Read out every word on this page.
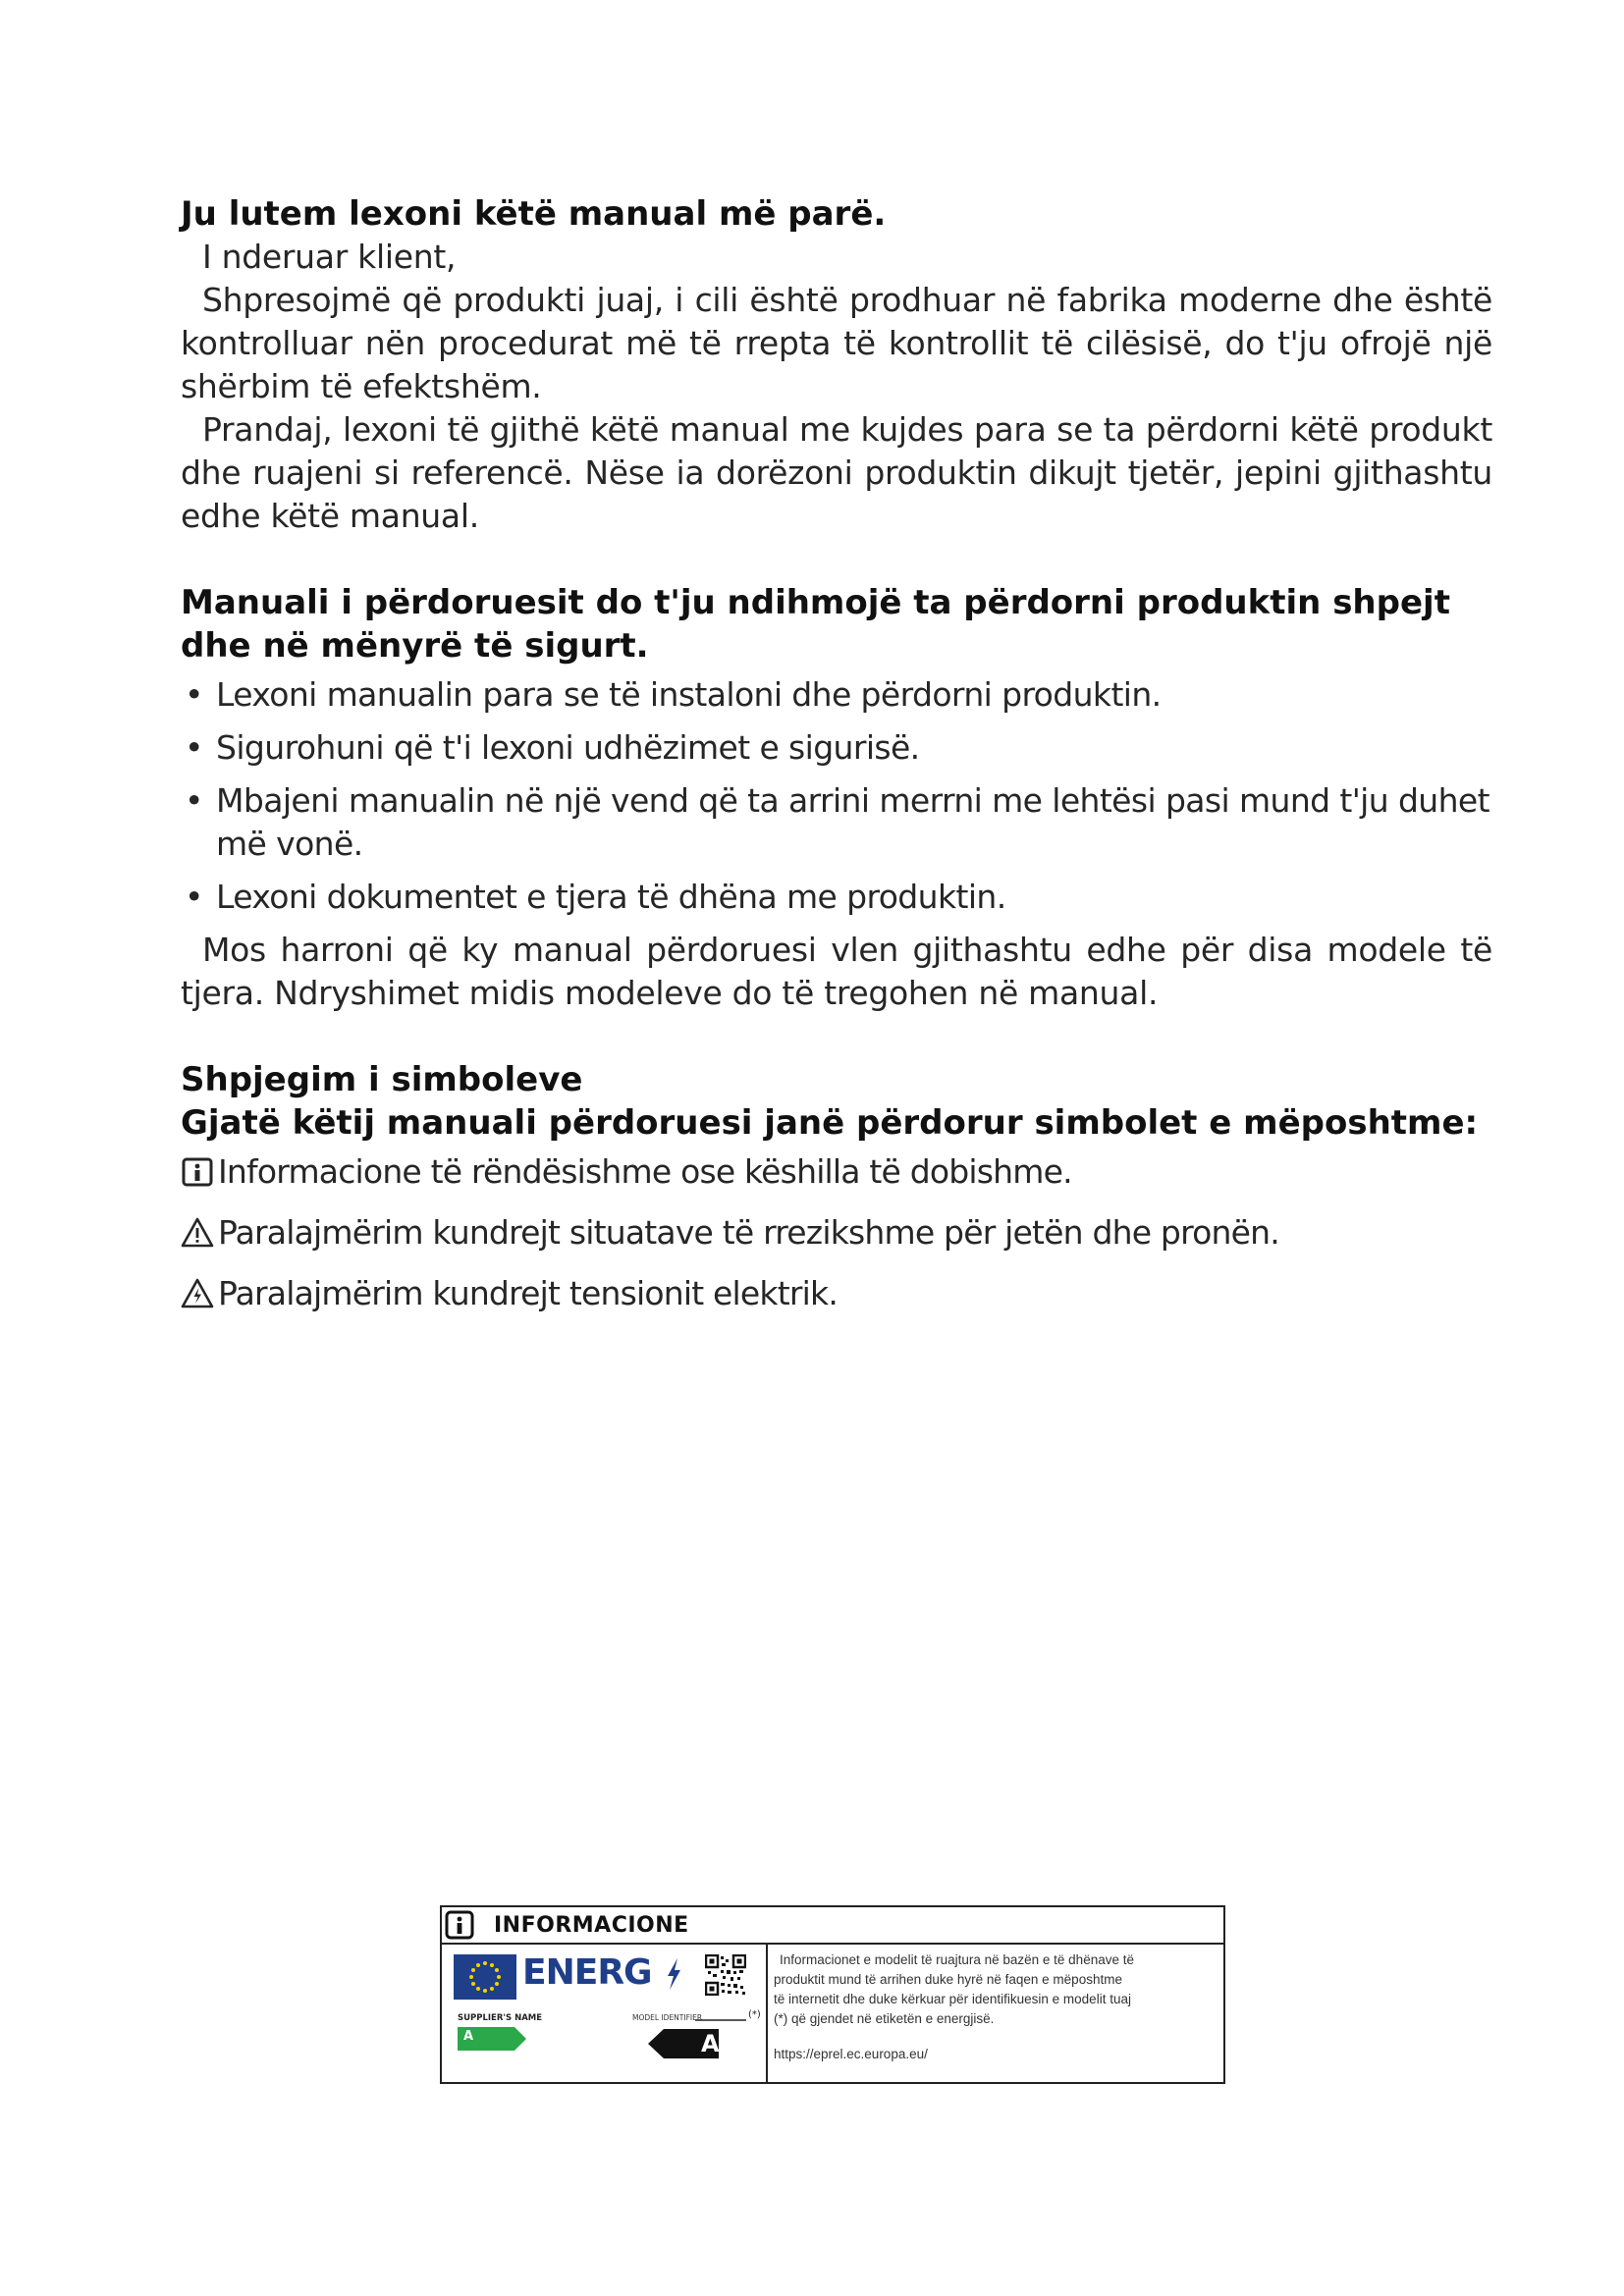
Ju lutem lexoni këtë manual më parë.

I nderuar klient,

Shpresojmë që produkti juaj, i cili është prodhuar në fabrika moderne dhe është kontrolluar nën procedurat më të rrepta të kontrollit të cilësisë, do t'ju ofrojë një shërbim të efektshëm.

Prandaj, lexoni të gjithë këtë manual me kujdes para se ta përdorni këtë produkt dhe ruajeni si referencë. Nëse ia dorëzoni produktin dikujt tjetër, jepini gjithashtu edhe këtë manual.

Manuali i përdoruesit do t'ju ndihmojë ta përdorni produktin shpejt dhe në mënyrë të sigurt.
• Lexoni manualin para se të instaloni dhe përdorni produktin.
• Sigurohuni që t'i lexoni udhëzimet e sigurisë.
• Mbajeni manualin në një vend që ta arrini merrni me lehtësi pasi mund t'ju duhet më vonë.
• Lexoni dokumentet e tjera të dhëna me produktin.

Mos harroni që ky manual përdoruesi vlen gjithashtu edhe për disa modele të tjera. Ndryshimet midis modeleve do të tregohen në manual.

Shpjegim i simboleve
Gjatë këtij manuali përdoruesi janë përdorur simbolet e mëposhtme:
Informacione të rëndësishme ose këshilla të dobishme.
Paralajmërim kundrejt situatave të rrezikshme për jetën dhe pronën.
Paralajmërim kundrejt tensionit elektrik.
INFORMACIONE
ENERG
SUPPLIER'S NAME	MODEL IDENTIFIER	(*)
A	A
Informacionet e modelit të ruajtura në bazën e të dhënave të
produktit mund të arrihen duke hyrë në faqen e mëposhtme
të internetit dhe duke kërkuar për identifikuesin e modelit tuaj
(*) që gjendet në etiketën e energjisë.
https://eprel.ec.europa.eu/
